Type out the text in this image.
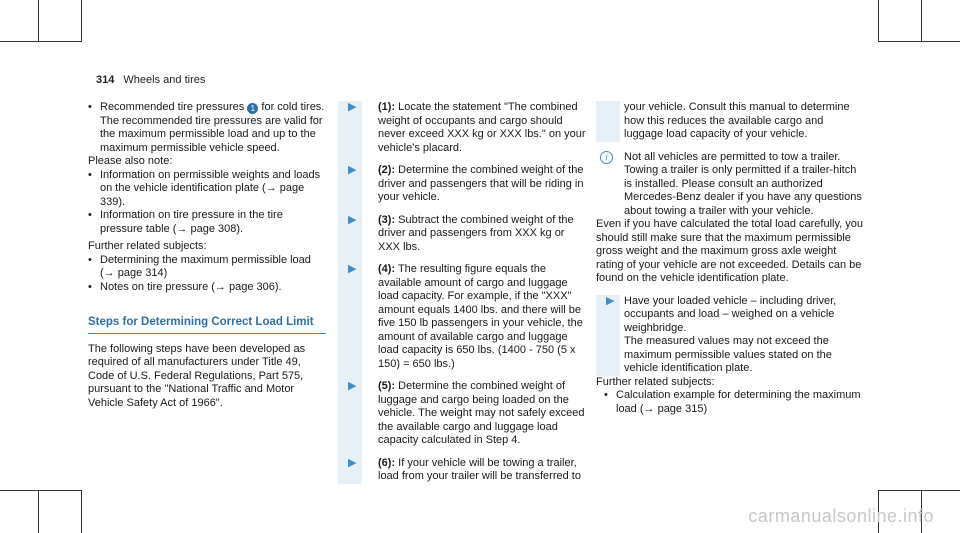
314 Wheels and tires

• Recommended tire pressures 1 for cold tires. The recommended tire pressures are valid for the maximum permissible load and up to the maximum permissible vehicle speed.

Please also note:

• Information on permissible weights and loads on the vehicle identification plate (→ page 339).

• Information on tire pressure in the tire pressure table (→ page 308).

Further related subjects:

• Determining the maximum permissible load (→ page 314)

• Notes on tire pressure (→ page 306).

Steps for Determining Correct Load Limit

The following steps have been developed as required of all manufacturers under Title 49, Code of U.S. Federal Regulations, Part 575, pursuant to the "National Traffic and Motor Vehicle Safety Act of 1966".

▶ (1): Locate the statement "The combined weight of occupants and cargo should never exceed XXX kg or XXX lbs." on your vehicle's placard.

▶ (2): Determine the combined weight of the driver and passengers that will be riding in your vehicle.

▶ (3): Subtract the combined weight of the driver and passengers from XXX kg or XXX lbs.

▶ (4): The resulting figure equals the available amount of cargo and luggage load capacity. For example, if the "XXX" amount equals 1400 lbs. and there will be five 150 lb passengers in your vehicle, the amount of available cargo and luggage load capacity is 650 lbs. (1400 - 750 (5 x 150) = 650 lbs.)

▶ (5): Determine the combined weight of luggage and cargo being loaded on the vehicle. The weight may not safely exceed the available cargo and luggage load capacity calculated in Step 4.

▶ (6): If your vehicle will be towing a trailer, load from your trailer will be transferred to

your vehicle. Consult this manual to determine how this reduces the available cargo and luggage load capacity of your vehicle.

i	Not all vehicles are permitted to tow a trailer. Towing a trailer is only permitted if a trailer-hitch is installed. Please consult an authorized Mercedes-Benz dealer if you have any questions about towing a trailer with your vehicle.

Even if you have calculated the total load carefully, you should still make sure that the maximum permissible gross weight and the maximum gross axle weight rating of your vehicle are not exceeded. Details can be found on the vehicle identification plate.

▶ Have your loaded vehicle – including driver, occupants and load – weighed on a vehicle weighbridge.

The measured values may not exceed the maximum permissible values stated on the vehicle identification plate.

Further related subjects:

• Calculation example for determining the maximum load (→ page 315)

carmanualsonline.info
